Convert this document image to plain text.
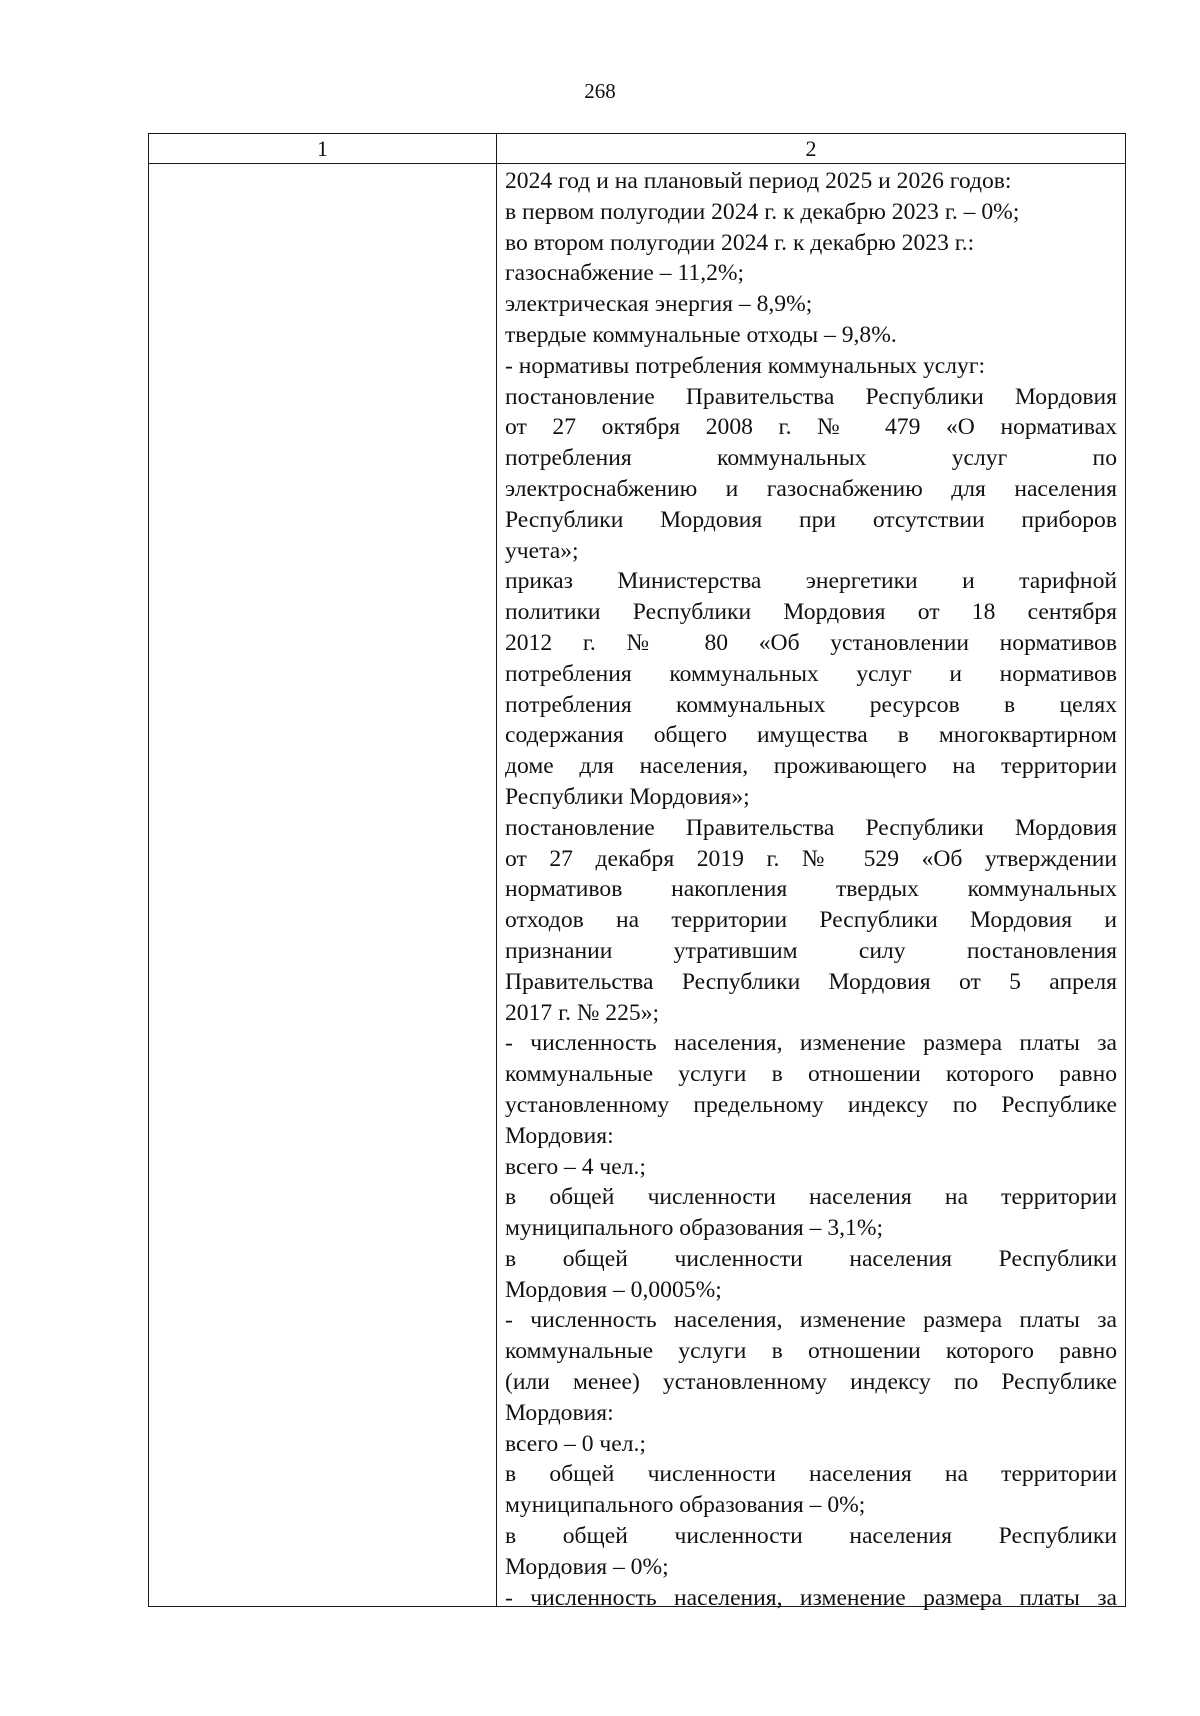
268
1	2
2024 год и на плановый период 2025 и 2026 годов:
в первом полугодии 2024 г. к декабрю 2023 г. – 0%;
во втором полугодии 2024 г. к декабрю 2023 г.:
газоснабжение – 11,2%;
электрическая энергия – 8,9%;
твердые коммунальные отходы – 9,8%.
- нормативы потребления коммунальных услуг:
постановление Правительства Республики Мордовия
от 27 октября 2008 г. № 479 «О нормативах
потребления коммунальных услуг по
электроснабжению и газоснабжению для населения
Республики Мордовия при отсутствии приборов
учета»;
приказ Министерства энергетики и тарифной
политики Республики Мордовия от 18 сентября
2012 г. № 80 «Об установлении нормативов
потребления коммунальных услуг и нормативов
потребления коммунальных ресурсов в целях
содержания общего имущества в многоквартирном
доме для населения, проживающего на территории
Республики Мордовия»;
постановление Правительства Республики Мордовия
от 27 декабря 2019 г. № 529 «Об утверждении
нормативов накопления твердых коммунальных
отходов на территории Республики Мордовия и
признании утратившим силу постановления
Правительства Республики Мордовия от 5 апреля
2017 г. № 225»;
- численность населения, изменение размера платы за
коммунальные услуги в отношении которого равно
установленному предельному индексу по Республике
Мордовия:
всего – 4 чел.;
в общей численности населения на территории
муниципального образования – 3,1%;
в общей численности населения Республики
Мордовия – 0,0005%;
- численность населения, изменение размера платы за
коммунальные услуги в отношении которого равно
(или менее) установленному индексу по Республике
Мордовия:
всего – 0 чел.;
в общей численности населения на территории
муниципального образования – 0%;
в общей численности населения Республики
Мордовия – 0%;
- численность населения, изменение размера платы за
